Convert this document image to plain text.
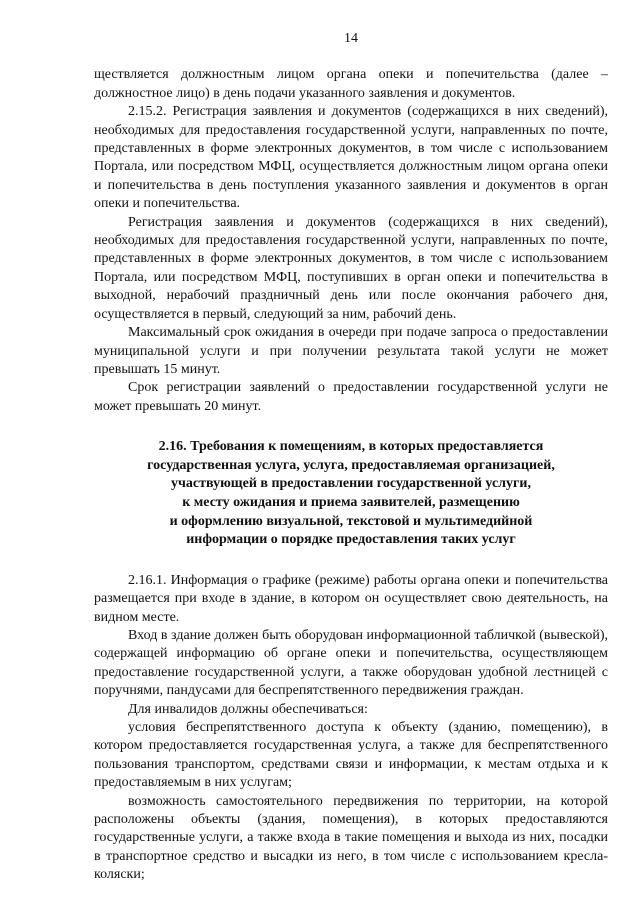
14

ществляется должностным лицом органа опеки и попечительства (далее – должностное лицо) в день подачи указанного заявления и документов.

2.15.2. Регистрация заявления и документов (содержащихся в них сведений), необходимых для предоставления государственной услуги, направленных по почте, представленных в форме электронных документов, в том числе с использованием Портала, или посредством МФЦ, осуществляется должностным лицом органа опеки и попечительства в день поступления указанного заявления и документов в орган опеки и попечительства.

Регистрация заявления и документов (содержащихся в них сведений), необходимых для предоставления государственной услуги, направленных по почте, представленных в форме электронных документов, в том числе с использованием Портала, или посредством МФЦ, поступивших в орган опеки и попечительства в выходной, нерабочий праздничный день или после окончания рабочего дня, осуществляется в первый, следующий за ним, рабочий день.

Максимальный срок ожидания в очереди при подаче запроса о предоставлении муниципальной услуги и при получении результата такой услуги не может превышать 15 минут.

Срок регистрации заявлений о предоставлении государственной услуги не может превышать 20 минут.

2.16. Требования к помещениям, в которых предоставляется
государственная услуга, услуга, предоставляемая организацией,
участвующей в предоставлении государственной услуги,
к месту ожидания и приема заявителей, размещению
и оформлению визуальной, текстовой и мультимедийной
информации о порядке предоставления таких услуг

2.16.1. Информация о графике (режиме) работы органа опеки и попечительства размещается при входе в здание, в котором он осуществляет свою деятельность, на видном месте.

Вход в здание должен быть оборудован информационной табличкой (вывеской), содержащей информацию об органе опеки и попечительства, осуществляющем предоставление государственной услуги, а также оборудован удобной лестницей с поручнями, пандусами для беспрепятственного передвижения граждан.

Для инвалидов должны обеспечиваться:

условия беспрепятственного доступа к объекту (зданию, помещению), в котором предоставляется государственная услуга, а также для беспрепятственного пользования транспортом, средствами связи и информации, к местам отдыха и к предоставляемым в них услугам;

возможность самостоятельного передвижения по территории, на которой расположены объекты (здания, помещения), в которых предоставляются государственные услуги, а также входа в такие помещения и выхода из них, посадки в транспортное средство и высадки из него, в том числе с использованием кресла-коляски;
